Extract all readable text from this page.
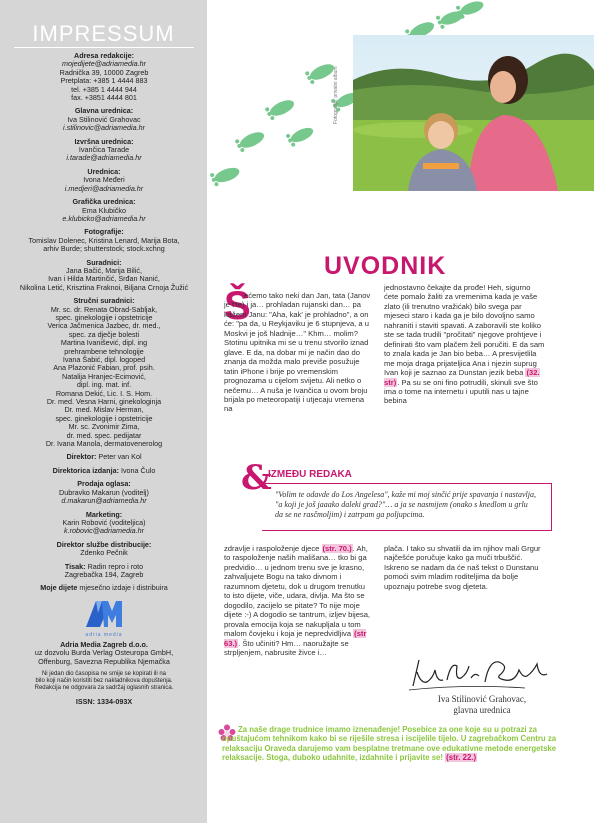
IMPRESSUM
Adresa redakcije:
mojedijete@adriamedia.hr
Radnička 39, 10000 Zagreb
Pretplata: +385 1 4444 883
tel. +385 1 4444 944
fax. +3851 4444 801
Glavna urednica:
Iva Stilinović Grahovac
i.stilinovic@adriamedia.hr
Izvršna urednica:
Ivančica Tarade
i.tarade@adriamedia.hr
Urednica:
Ivona Međeri
i.medjeri@adriamedia.hr
Grafička urednica:
Ema Klubičko
e.klubicko@adriamedia.hr
Fotografije:
Tomislav Dolenec, Kristina Lenard, Marija Bota,
arhiv Burde; shutterstock; stock.xchng
Suradnici:
Jana Bačić, Marija Bilić,
Ivan i Hilda Martinčić, Srđan Nanić,
Nikolina Letić, Krisztina Fraknoi, Biljana Crnoja Žužić
Stručni suradnici:
Mr. sc. dr. Renata Obrad-Sabljak,
spec. ginekologije i opstetricije
Verica Jačmenica Jazbec, dr. med.,
spec. za dječje bolesti
Martina Ivanišević, dipl. ing
prehrambene tehnologije
Ivana Šabić, dipl. logoped
Ana Plazonić Fabian, prof. psih.
Natalija Hranjec-Ecimović,
dipl. ing. mat. inf.
Romana Dekić, Lic. I. S. Hom.
Dr. med. Vesna Harni, ginekologinja
Dr. med. Mislav Herman,
spec. ginekologije i opstetricije
Mr. sc. Zvonimir Zima,
dr. med. spec. pedijatar
Dr. Ivana Manola, dermatovenerolog
Direktor: Peter van Kol
Direktorica izdanja: Ivona Čulo
Prodaja oglasa:
Dubravko Makarun (voditelj)
d.makarun@adriamedia.hr
Marketing:
Karin Robović (voditeljica)
k.robovic@adriamedia.hr
Direktor službe distribucije:
Zdenko Pečnik
Tisak: Radin repro i roto
Zagrebačka 194, Zagreb
Moje dijete mjesečno izdaje i distribuira
adria media
Adria Media Zagreb d.o.o.
uz dozvolu Burda Verlag Osteuropa GmbH,
Offenburg, Savezna Republika Njemačka
Ni jedan dio časopisa ne smije se kopirati ili na
bilo koji način koristiti bez nakladnikova dopuštenja.
Redakcija ne odgovara za sadržaj oglasnih stranica.
ISSN: 1334-093X
Fotografija: privatni album
UVODNIK
Š

ećemo tako neki dan Jan, tata (Janov je t'te) i ja… prohladan rujanski dan… pa kažem Janu: "Aha, kak' je prohladno", a on će: "pa da, u Reykjaviku je 6 stupnjeva, a u Moskvi je još hladnije…" Khm… molim? Stotinu upitnika mi se u trenu stvorilo iznad glave. E da, na dobar mi je način dao do znanja da možda malo previše posužuje tatin iPhone i brije po vremenskim prognozama u cijelom svijetu. Ali netko o nečemu… A nuša je Ivančica u ovom broju brijala po meteoropatiji i utjecaju vremena na

jednostavno čekajte da prođe! Heh, sigurno ćete pomalo žaliti za vremenima kada je vaše zlato (ili trenutno vražićak) bilo svega par mjeseci staro i kada ga je bilo dovoljno samo nahraniti i staviti spavati. A zaboravili ste koliko ste se tada trudili "pročitati" njegove prohtjeve i definirati što vam plačem želi poručiti. E da sam to znala kada je Jan bio beba… A presvijetlila me moja draga prijateljica Ana i njezin suprug Ivan koji je saznao za Dunstan jezik beba (32. str). Pa su se oni fino potrudili, skinuli sve što ima o tome na internetu i uputili nas u tajne bebina

&
IZMEĐU REDAKA
"Volim te odavde do Los Angelesa", kaže mi moj sinčić prije spavanja i nastavlja, "a koji je još jaaako daleki grad?"… a ja se nasmijem (onako s knedlom u grlu da se ne rasčmoljim) i zatrpam ga poljupcima.

zdravlje i raspoloženje djece (str. 70.). Ah, to raspoloženje naših mališana… tko bi ga predvidio… u jednom trenu sve je krasno, zahvaljujete Bogu na tako divnom i razumnom djetetu, dok u drugom trenutku to isto dijete, viče, udara, divlja. Ma što se dogodilo, zacijelo se pitate? To nije moje dijete :-) A dogodio se tantrum, izljev bijesa, provala emocija koja se nakupljala u tom malom čovjeku i koja je nepredvidljiva (str 63.). Što učiniti? Hm… naoružajte se strpljenjem, nabrusite živce i…

plača. I tako su shvatili da im njihov mali Grgur najčešće poručuje kako ga muči trbuščić. Iskreno se nadam da će naš tekst o Dunstanu pomoći svim mladim roditeljima da bolje upoznaju potrebe svog djeteta.

Iva Stilinović Grahovac,
glavna urednica
Za naše drage trudnice imamo iznenađenje! Posebice za one koje su u potrazi za opuštajućom tehnikom kako bi se riješile stresa i iscijelile tijelo. U zagrebačkom Centru za relaksaciju Oraveda darujemo vam besplatne tretmane ove edukativne metode energetske relaksacije. Stoga, duboko udahnite, izdahnite i prijavite se! (str. 22.)
